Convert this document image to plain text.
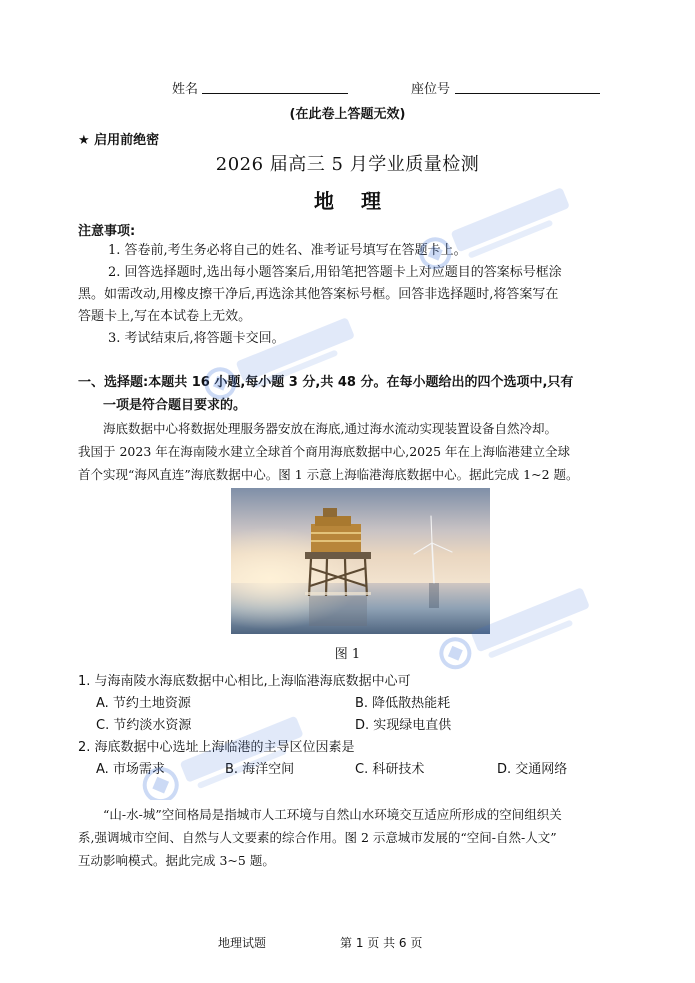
姓名	座位号
(在此卷上答题无效)
★ 启用前绝密
2026 届高三 5 月学业质量检测
地 理
注意事项:
1. 答卷前,考生务必将自己的姓名、准考证号填写在答题卡上。
2. 回答选择题时,选出每小题答案后,用铅笔把答题卡上对应题目的答案标号框涂
黑。如需改动,用橡皮擦干净后,再选涂其他答案标号框。回答非选择题时,将答案写在
答题卡上,写在本试卷上无效。
3. 考试结束后,将答题卡交回。
一、选择题:本题共 16 小题,每小题 3 分,共 48 分。在每小题给出的四个选项中,只有
一项是符合题目要求的。
海底数据中心将数据处理服务器安放在海底,通过海水流动实现装置设备自然冷却。
我国于 2023 年在海南陵水建立全球首个商用海底数据中心,2025 年在上海临港建立全球
首个实现“海风直连”海底数据中心。图 1 示意上海临港海底数据中心。据此完成 1~2 题。
图 1
1. 与海南陵水海底数据中心相比,上海临港海底数据中心可
A. 节约土地资源	B. 降低散热能耗
C. 节约淡水资源	D. 实现绿电直供
2. 海底数据中心选址上海临港的主导区位因素是
A. 市场需求	B. 海洋空间	C. 科研技术	D. 交通网络
“山-水-城”空间格局是指城市人工环境与自然山水环境交互适应所形成的空间组织关
系,强调城市空间、自然与人文要素的综合作用。图 2 示意城市发展的“空间-自然-人文”
互动影响模式。据此完成 3~5 题。
地理试题	第 1 页 共 6 页
